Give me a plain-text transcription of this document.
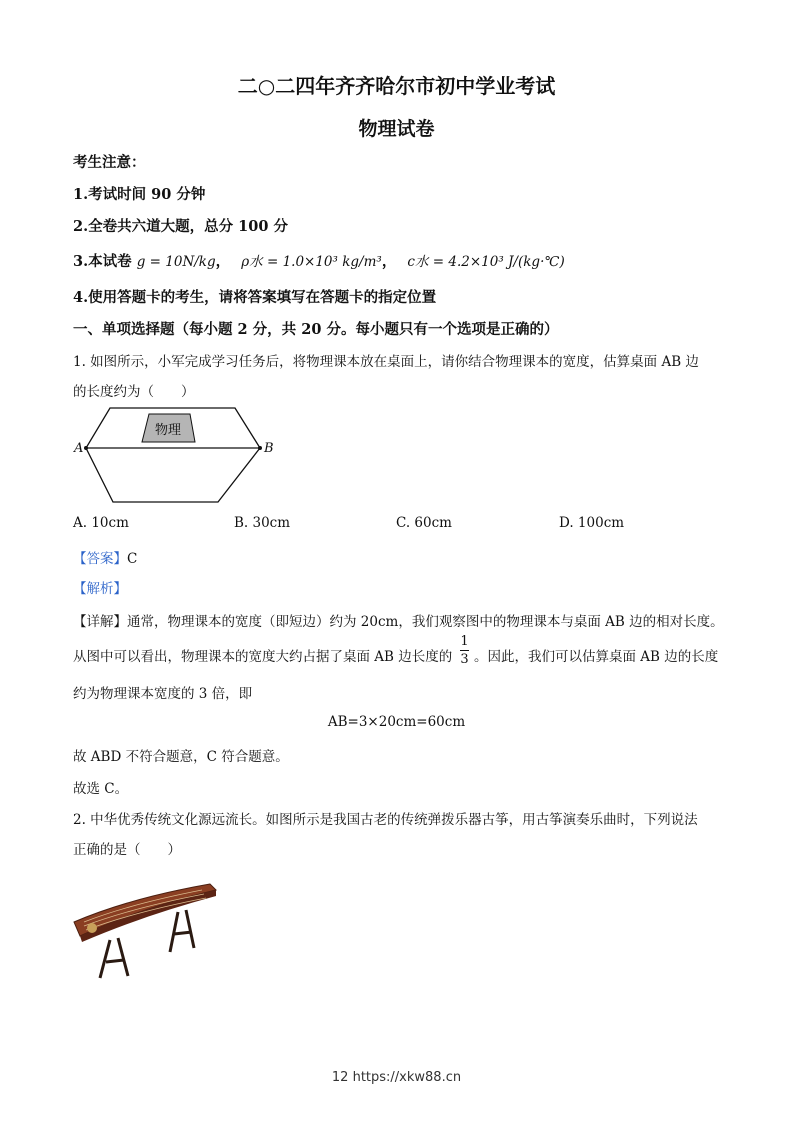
二○二四年齐齐哈尔市初中学业考试
物理试卷
考生注意：
1.考试时间 90 分钟
2.全卷共六道大题，总分 100 分
3.本试卷 g = 10N/kg， ρ水 = 1.0×10³ kg/m³， c水 = 4.2×10³ J/(kg·℃)
4.使用答题卡的考生，请将答案填写在答题卡的指定位置
一、单项选择题（每小题 2 分，共 20 分。每小题只有一个选项是正确的）
1. 如图所示，小军完成学习任务后，将物理课本放在桌面上，请你结合物理课本的宽度，估算桌面 AB 边
的长度约为（　　）
物理
A	B
A. 10cm	B. 30cm	C. 60cm	D. 100cm
【答案】C
【解析】
【详解】通常，物理课本的宽度（即短边）约为 20cm，我们观察图中的物理课本与桌面 AB 边的相对长度。
从图中可以看出，物理课本的宽度大约占据了桌面 AB 边长度的
1
3 。因此，我们可以估算桌面 AB 边的长度
约为物理课本宽度的 3 倍，即
AB=3×20cm=60cm
故 ABD 不符合题意，C 符合题意。
故选 C。
2. 中华优秀传统文化源远流长。如图所示是我国古老的传统弹拨乐器古筝，用古筝演奏乐曲时，下列说法
正确的是（　　）
12 https://xkw88.cn
